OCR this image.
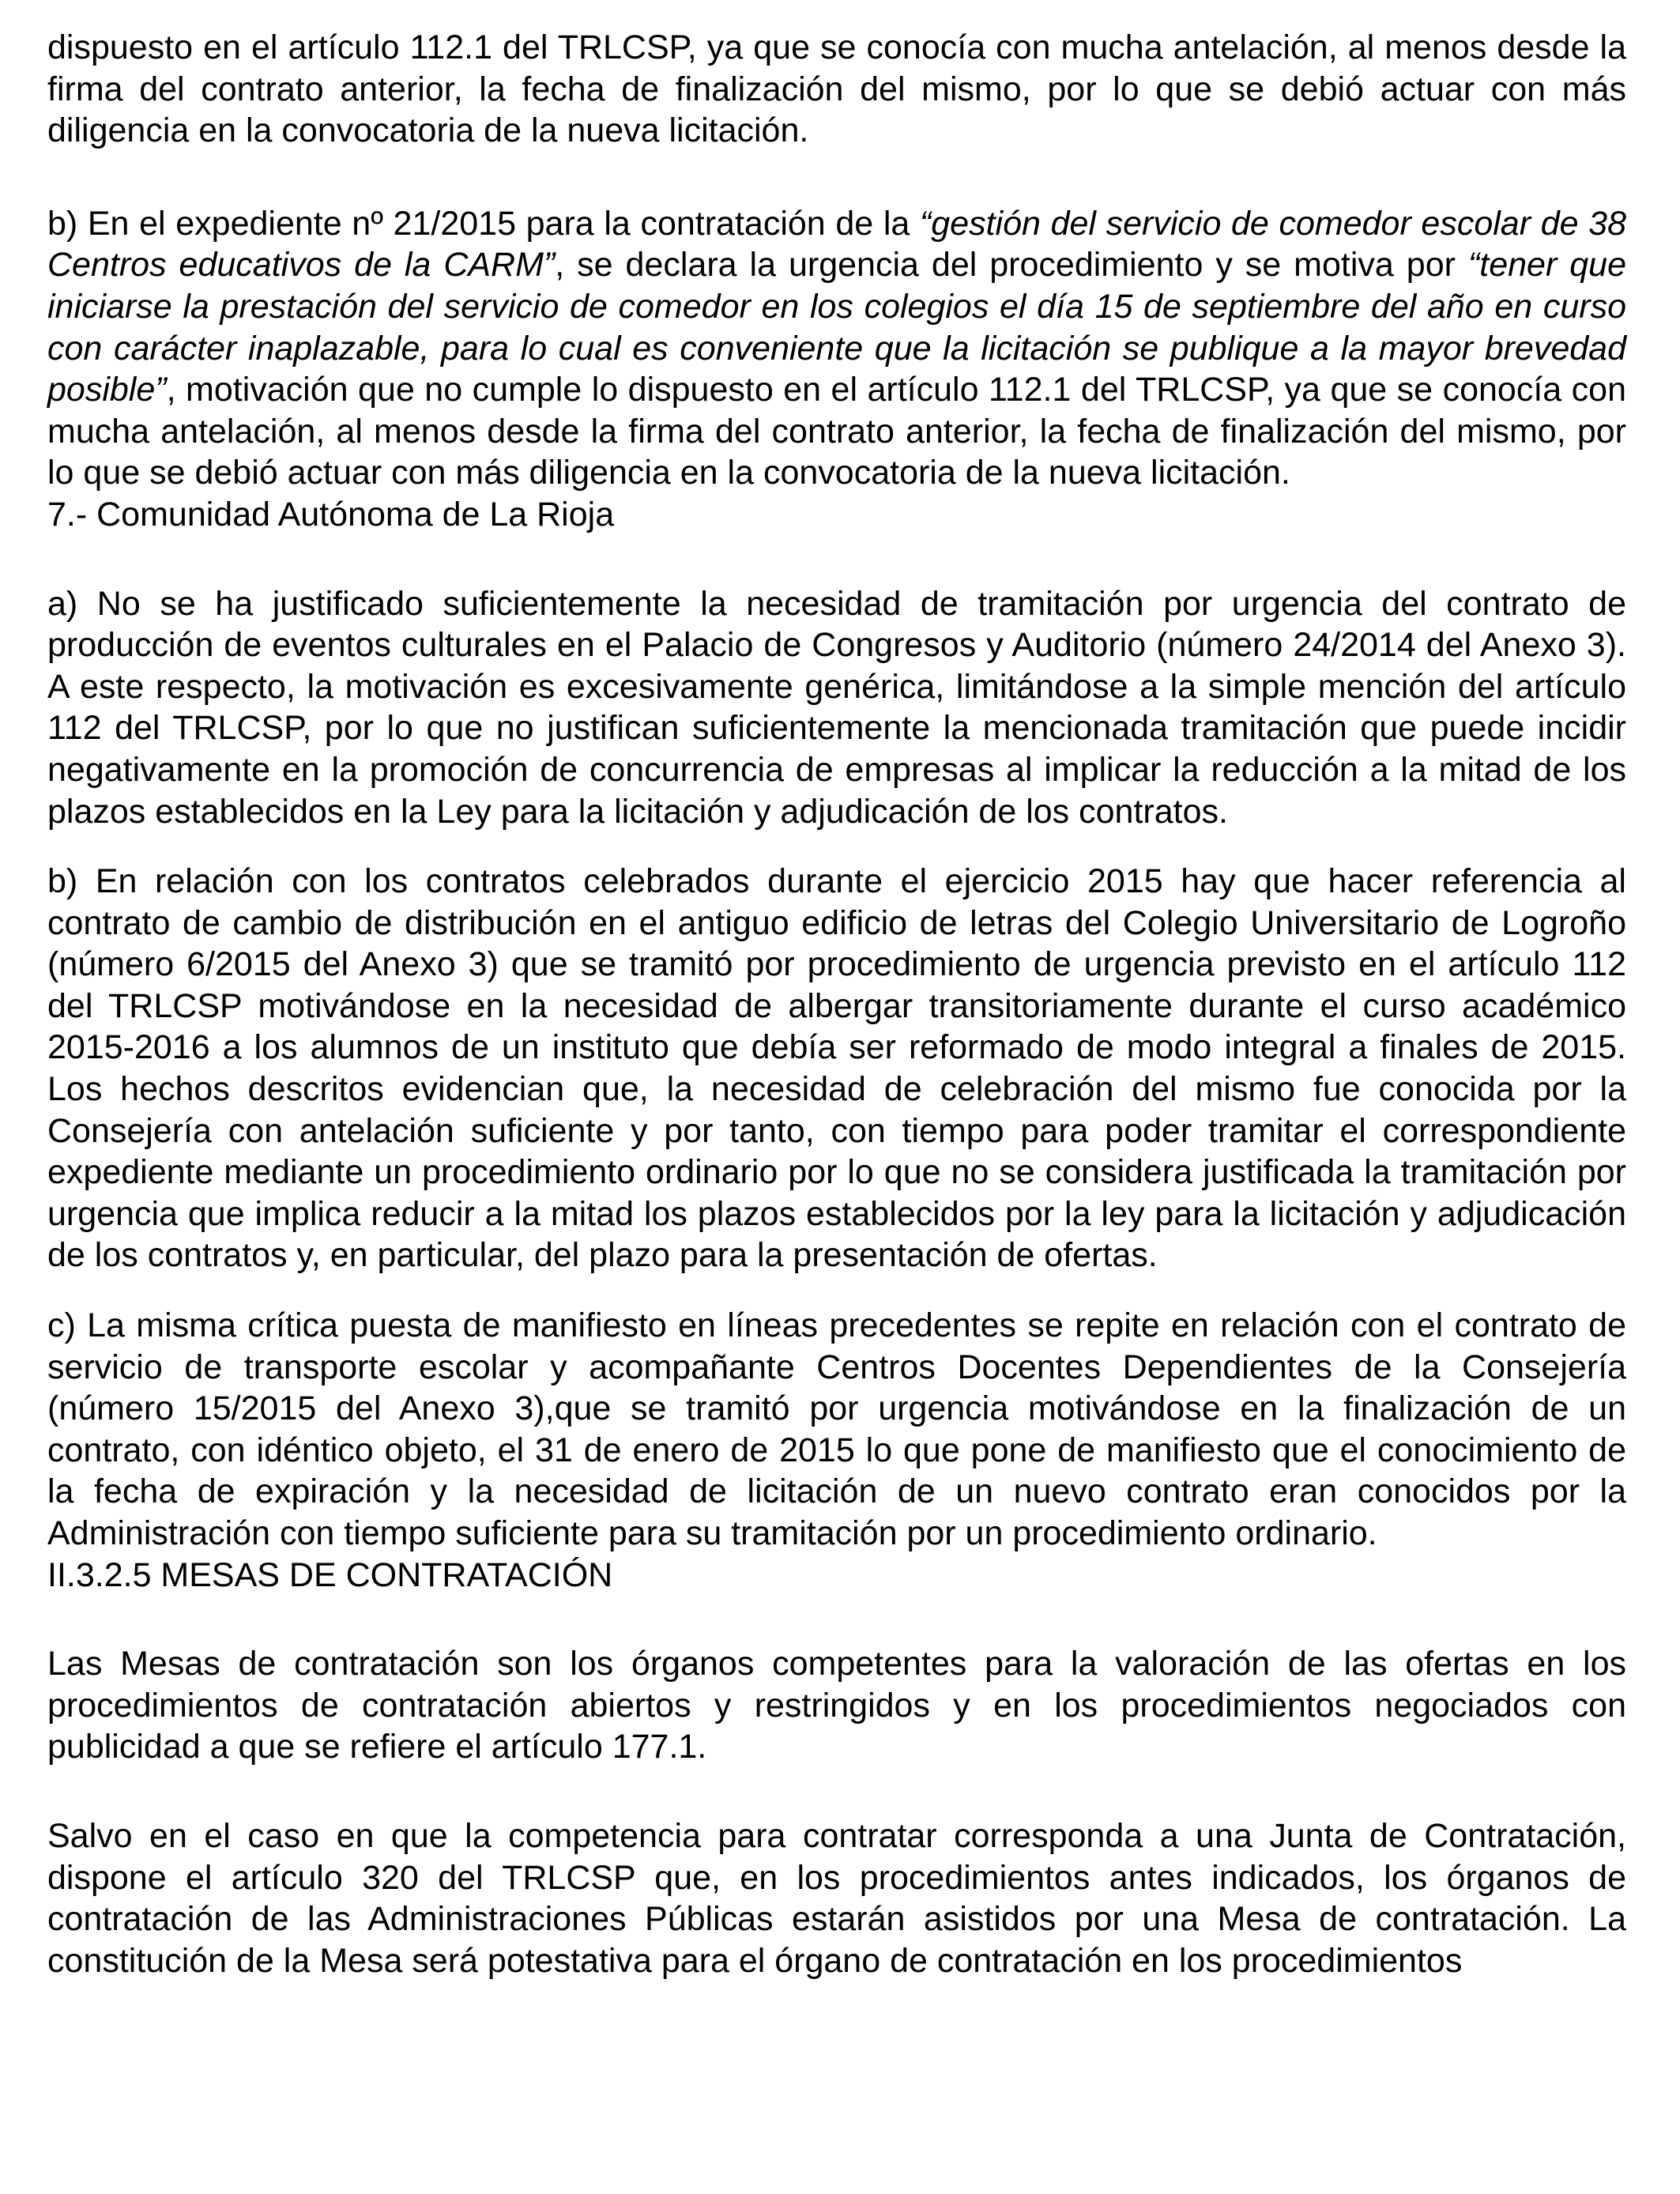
dispuesto en el artículo 112.1 del TRLCSP, ya que se conocía con mucha antelación, al menos desde la firma del contrato anterior, la fecha de finalización del mismo, por lo que se debió actuar con más diligencia en la convocatoria de la nueva licitación.

b) En el expediente nº 21/2015 para la contratación de la “gestión del servicio de comedor escolar de 38 Centros educativos de la CARM”, se declara la urgencia del procedimiento y se motiva por “tener que iniciarse la prestación del servicio de comedor en los colegios el día 15 de septiembre del año en curso con carácter inaplazable, para lo cual es conveniente que la licitación se publique a la mayor brevedad posible”, motivación que no cumple lo dispuesto en el artículo 112.1 del TRLCSP, ya que se conocía con mucha antelación, al menos desde la firma del contrato anterior, la fecha de finalización del mismo, por lo que se debió actuar con más diligencia en la convocatoria de la nueva licitación.

7.- Comunidad Autónoma de La Rioja

a) No se ha justificado suficientemente la necesidad de tramitación por urgencia del contrato de producción de eventos culturales en el Palacio de Congresos y Auditorio (número 24/2014 del Anexo 3). A este respecto, la motivación es excesivamente genérica, limitándose a la simple mención del artículo 112 del TRLCSP, por lo que no justifican suficientemente la mencionada tramitación que puede incidir negativamente en la promoción de concurrencia de empresas al implicar la reducción a la mitad de los plazos establecidos en la Ley para la licitación y adjudicación de los contratos.

b) En relación con los contratos celebrados durante el ejercicio 2015 hay que hacer referencia al contrato de cambio de distribución en el antiguo edificio de letras del Colegio Universitario de Logroño (número 6/2015 del Anexo 3) que se tramitó por procedimiento de urgencia previsto en el artículo 112 del TRLCSP motivándose en la necesidad de albergar transitoriamente durante el curso académico 2015-2016 a los alumnos de un instituto que debía ser reformado de modo integral a finales de 2015. Los hechos descritos evidencian que, la necesidad de celebración del mismo fue conocida por la Consejería con antelación suficiente y por tanto, con tiempo para poder tramitar el correspondiente expediente mediante un procedimiento ordinario por lo que no se considera justificada la tramitación por urgencia que implica reducir a la mitad los plazos establecidos por la ley para la licitación y adjudicación de los contratos y, en particular, del plazo para la presentación de ofertas.

c) La misma crítica puesta de manifiesto en líneas precedentes se repite en relación con el contrato de servicio de transporte escolar y acompañante Centros Docentes Dependientes de la Consejería (número 15/2015 del Anexo 3),que se tramitó por urgencia motivándose en la finalización de un contrato, con idéntico objeto, el 31 de enero de 2015 lo que pone de manifiesto que el conocimiento de la fecha de expiración y la necesidad de licitación de un nuevo contrato eran conocidos por la Administración con tiempo suficiente para su tramitación por un procedimiento ordinario.

II.3.2.5 MESAS DE CONTRATACIÓN

Las Mesas de contratación son los órganos competentes para la valoración de las ofertas en los procedimientos de contratación abiertos y restringidos y en los procedimientos negociados con publicidad a que se refiere el artículo 177.1.

Salvo en el caso en que la competencia para contratar corresponda a una Junta de Contratación, dispone el artículo 320 del TRLCSP que, en los procedimientos antes indicados, los órganos de contratación de las Administraciones Públicas estarán asistidos por una Mesa de contratación. La constitución de la Mesa será potestativa para el órgano de contratación en los procedimientos
